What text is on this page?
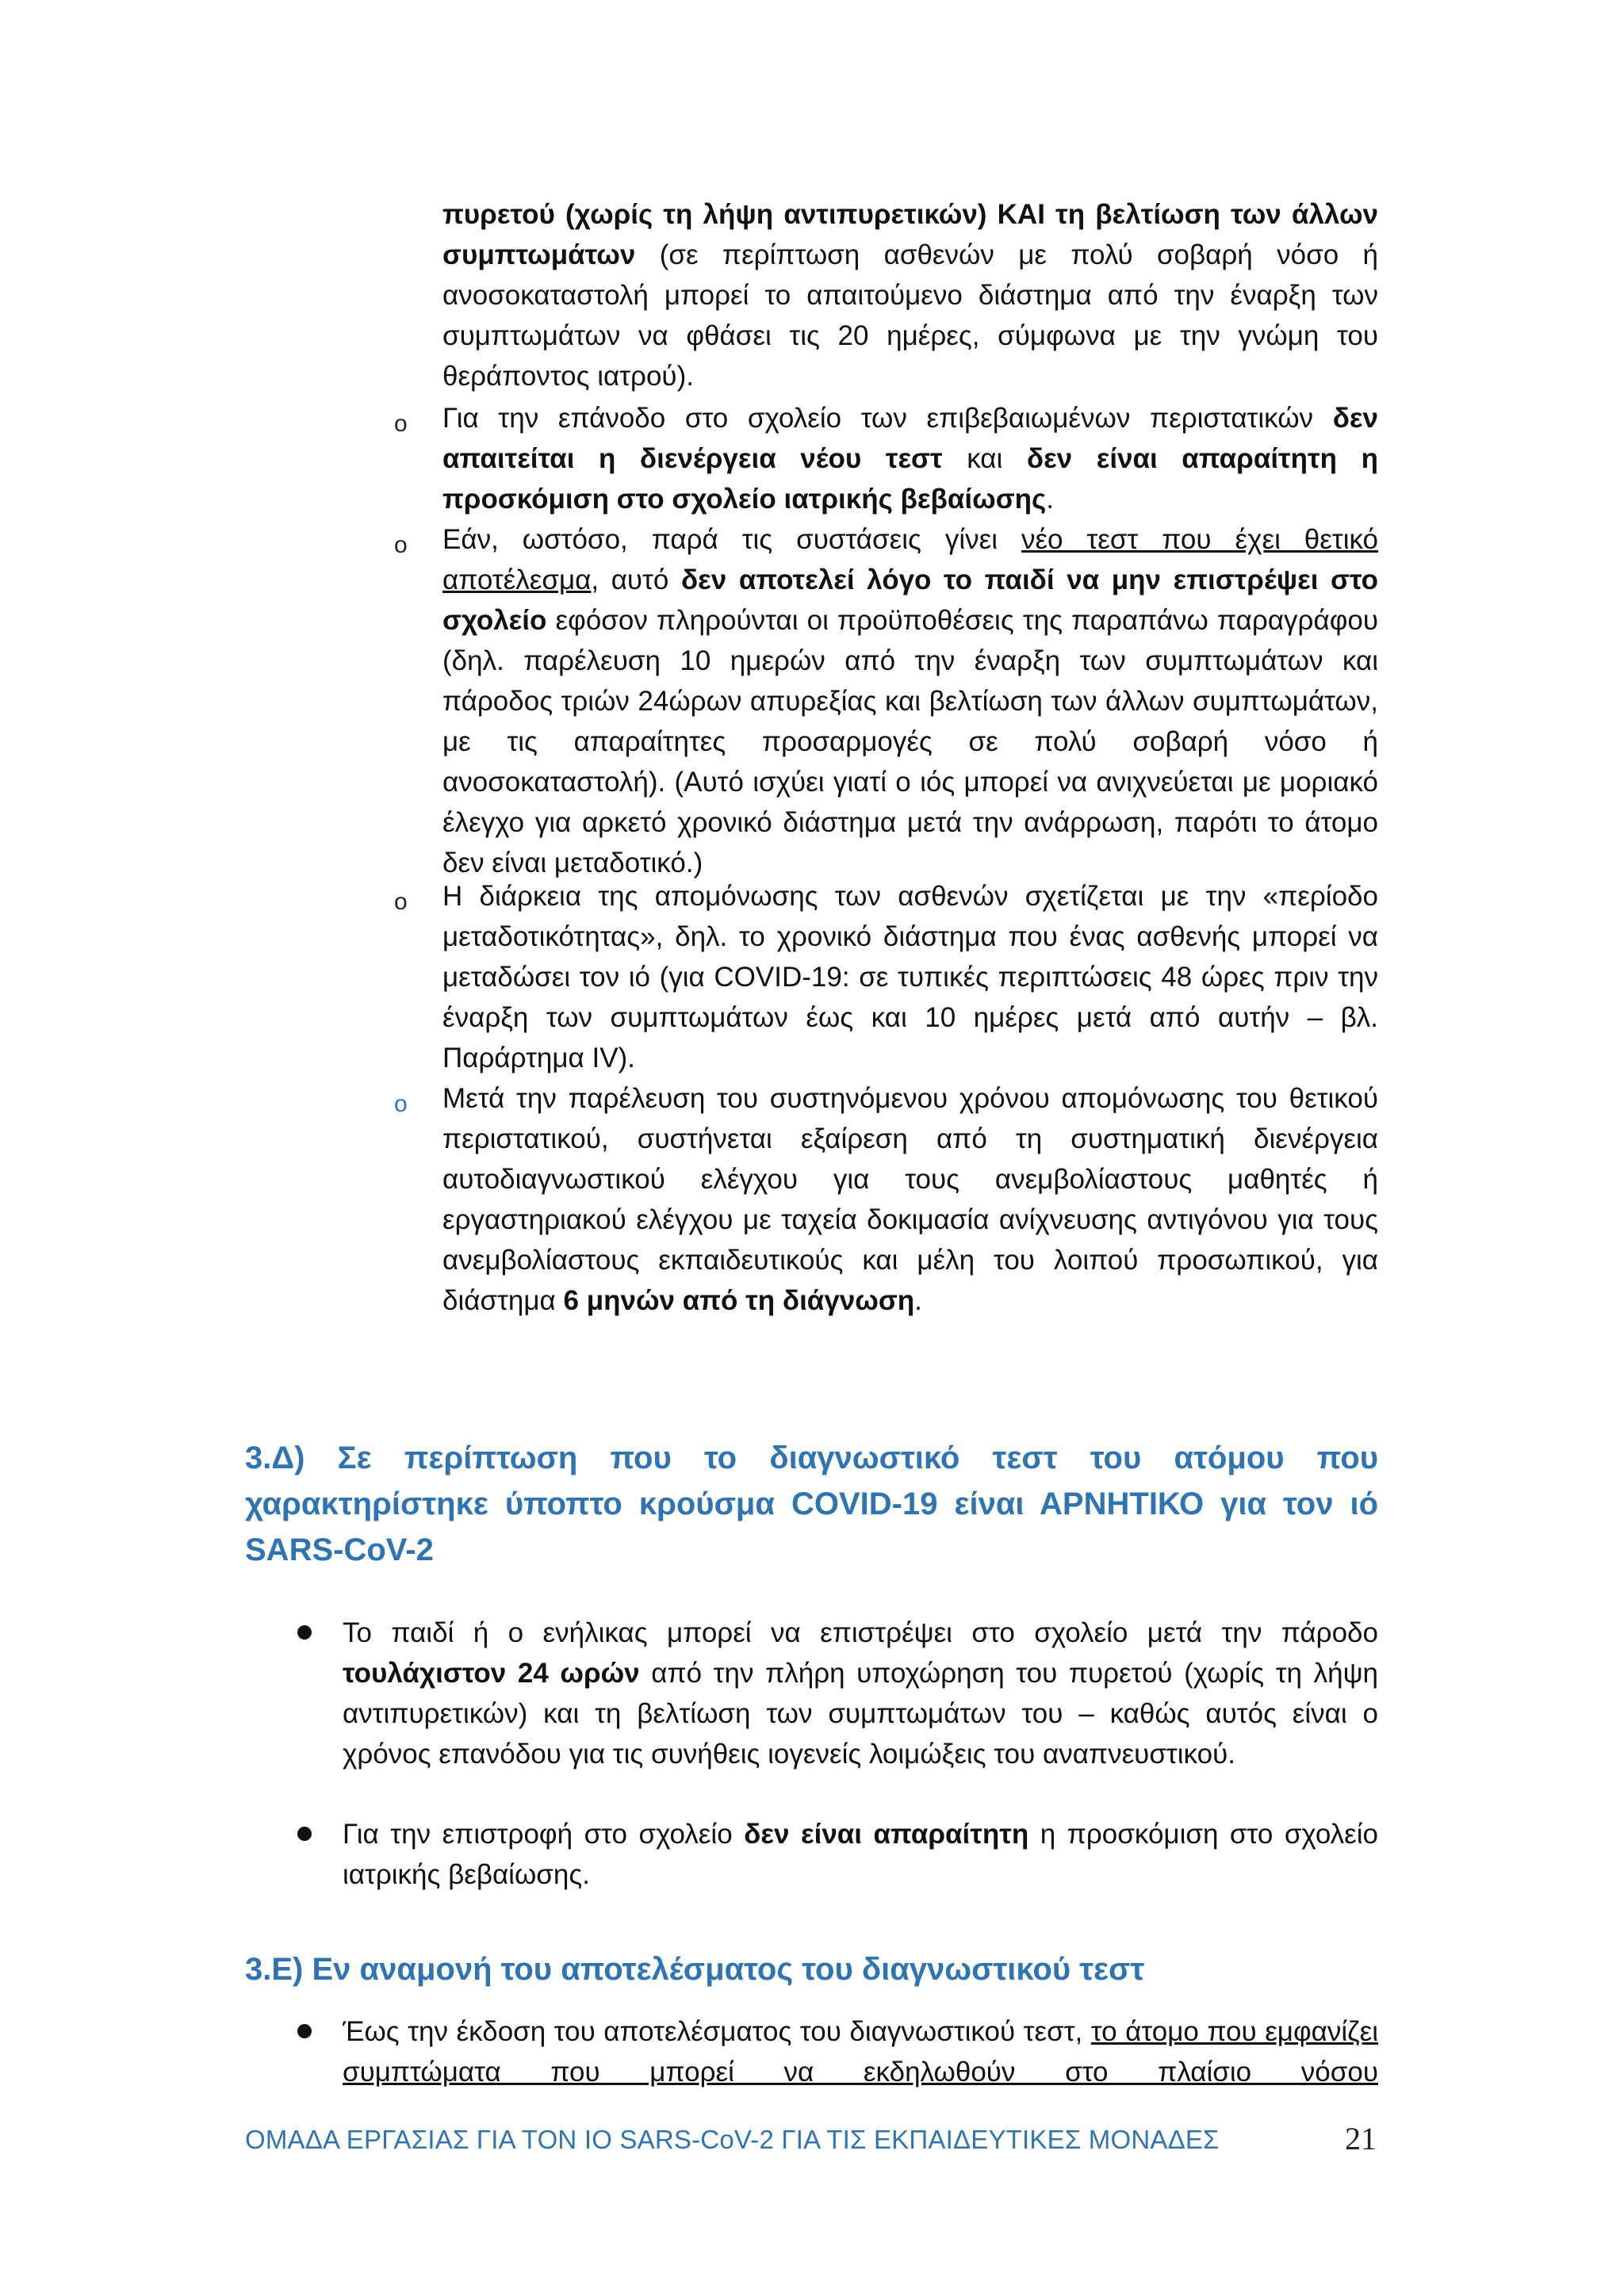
πυρετού (χωρίς τη λήψη αντιπυρετικών) ΚΑΙ τη βελτίωση των άλλων
συμπτωμάτων (σε περίπτωση ασθενών με πολύ σοβαρή νόσο ή ανοσοκαταστολή μπορεί το απαιτούμενο διάστημα από την έναρξη των συμπτωμάτων να φθάσει τις 20 ημέρες, σύμφωνα με την γνώμη του θεράποντος ιατρού).
o Για την επάνοδο στο σχολείο των επιβεβαιωμένων περιστατικών δεν απαιτείται η διενέργεια νέου τεστ και δεν είναι απαραίτητη η προσκόμιση στο σχολείο ιατρικής βεβαίωσης.
o Εάν, ωστόσο, παρά τις συστάσεις γίνει νέο τεστ που έχει θετικό αποτέλεσμα, αυτό δεν αποτελεί λόγο το παιδί να μην επιστρέψει στο σχολείο εφόσον πληρούνται οι προϋποθέσεις της παραπάνω παραγράφου (δηλ. παρέλευση 10 ημερών από την έναρξη των συμπτωμάτων και πάροδος τριών 24ώρων απυρεξίας και βελτίωση των άλλων συμπτωμάτων, με τις απαραίτητες προσαρμογές σε πολύ σοβαρή νόσο ή ανοσοκαταστολή). (Αυτό ισχύει γιατί ο ιός μπορεί να ανιχνεύεται με μοριακό έλεγχο για αρκετό χρονικό διάστημα μετά την ανάρρωση, παρότι το άτομο δεν είναι μεταδοτικό.)
o Η διάρκεια της απομόνωσης των ασθενών σχετίζεται με την «περίοδο μεταδοτικότητας», δηλ. το χρονικό διάστημα που ένας ασθενής μπορεί να μεταδώσει τον ιό (για COVID-19: σε τυπικές περιπτώσεις 48 ώρες πριν την έναρξη των συμπτωμάτων έως και 10 ημέρες μετά από αυτήν – βλ. Παράρτημα IV).
o Μετά την παρέλευση του συστηνόμενου χρόνου απομόνωσης του θετικού περιστατικού, συστήνεται εξαίρεση από τη συστηματική διενέργεια αυτοδιαγνωστικού ελέγχου για τους ανεμβολίαστους μαθητές ή εργαστηριακού ελέγχου με ταχεία δοκιμασία ανίχνευσης αντιγόνου για τους ανεμβολίαστους εκπαιδευτικούς και μέλη του λοιπού προσωπικού, για διάστημα 6 μηνών από τη διάγνωση.
3.Δ) Σε περίπτωση που το διαγνωστικό τεστ του ατόμου που
χαρακτηρίστηκε ύποπτο κρούσμα COVID-19 είναι ΑΡΝΗΤΙΚΟ για τον ιό
SARS-CoV-2
Το παιδί ή ο ενήλικας μπορεί να επιστρέψει στο σχολείο μετά την πάροδο τουλάχιστον 24 ωρών από την πλήρη υποχώρηση του πυρετού (χωρίς τη λήψη αντιπυρετικών) και τη βελτίωση των συμπτωμάτων του – καθώς αυτός είναι ο χρόνος επανόδου για τις συνήθεις ιογενείς λοιμώξεις του αναπνευστικού.
Για την επιστροφή στο σχολείο δεν είναι απαραίτητη η προσκόμιση στο σχολείο ιατρικής βεβαίωσης.
3.Ε) Εν αναμονή του αποτελέσματος του διαγνωστικού τεστ
Έως την έκδοση του αποτελέσματος του διαγνωστικού τεστ, το άτομο που εμφανίζει συμπτώματα που μπορεί να εκδηλωθούν στο πλαίσιο νόσου
ΟΜΑΔΑ ΕΡΓΑΣΙΑΣ ΓΙΑ ΤΟΝ ΙΟ SARS-CoV-2 ΓΙΑ ΤΙΣ ΕΚΠΑΙΔΕΥΤΙΚΕΣ ΜΟΝΑΔΕΣ	21
